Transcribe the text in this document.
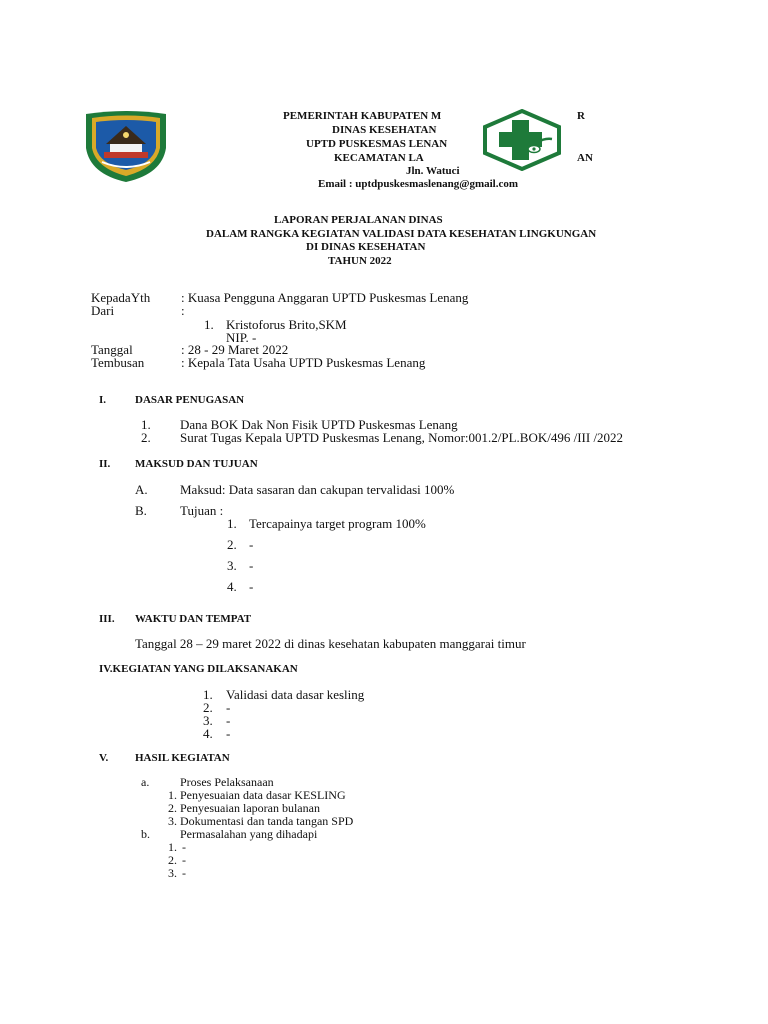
PEMERINTAH KABUPATEN M	R
DINAS KESEHATAN
UPTD PUSKESMAS LENAN
KECAMATAN LA	AN
Jln. Watuci
Email : uptdpuskesmaslenang@gmail.com
LAPORAN PERJALANAN DINAS
DALAM RANGKA KEGIATAN VALIDASI DATA KESEHATAN LINGKUNGAN
DI DINAS KESEHATAN
TAHUN 2022
KepadaYth : Kuasa Pengguna Anggaran UPTD Puskesmas Lenang
Dari	:
1. Kristoforus Brito,SKM
NIP. -
Tanggal	: 28 - 29 Maret 2022
Tembusan	: Kepala Tata Usaha UPTD Puskesmas Lenang
I.	DASAR PENUGASAN
1. Dana BOK Dak Non Fisik UPTD Puskesmas Lenang
2. Surat Tugas Kepala UPTD Puskesmas Lenang, Nomor:001.2/PL.BOK/496 /III /2022
II. MAKSUD DAN TUJUAN
A. Maksud: Data sasaran dan cakupan tervalidasi 100%
B.	Tujuan :
1. Tercapainya target program 100%
2. -
3. -
4. -
III. WAKTU DAN TEMPAT
Tanggal 28 – 29 maret 2022 di dinas kesehatan kabupaten manggarai timur
IV.KEGIATAN YANG DILAKSANAKAN
1. Validasi data dasar kesling
2. -
3. -
4. -
V. HASIL KEGIATAN
a.	Proses Pelaksanaan
1. Penyesuaian data dasar KESLING
2. Penyesuaian laporan bulanan
3. Dokumentasi dan tanda tangan SPD
b.	Permasalahan yang dihadapi
1. -
2. -
3. -
